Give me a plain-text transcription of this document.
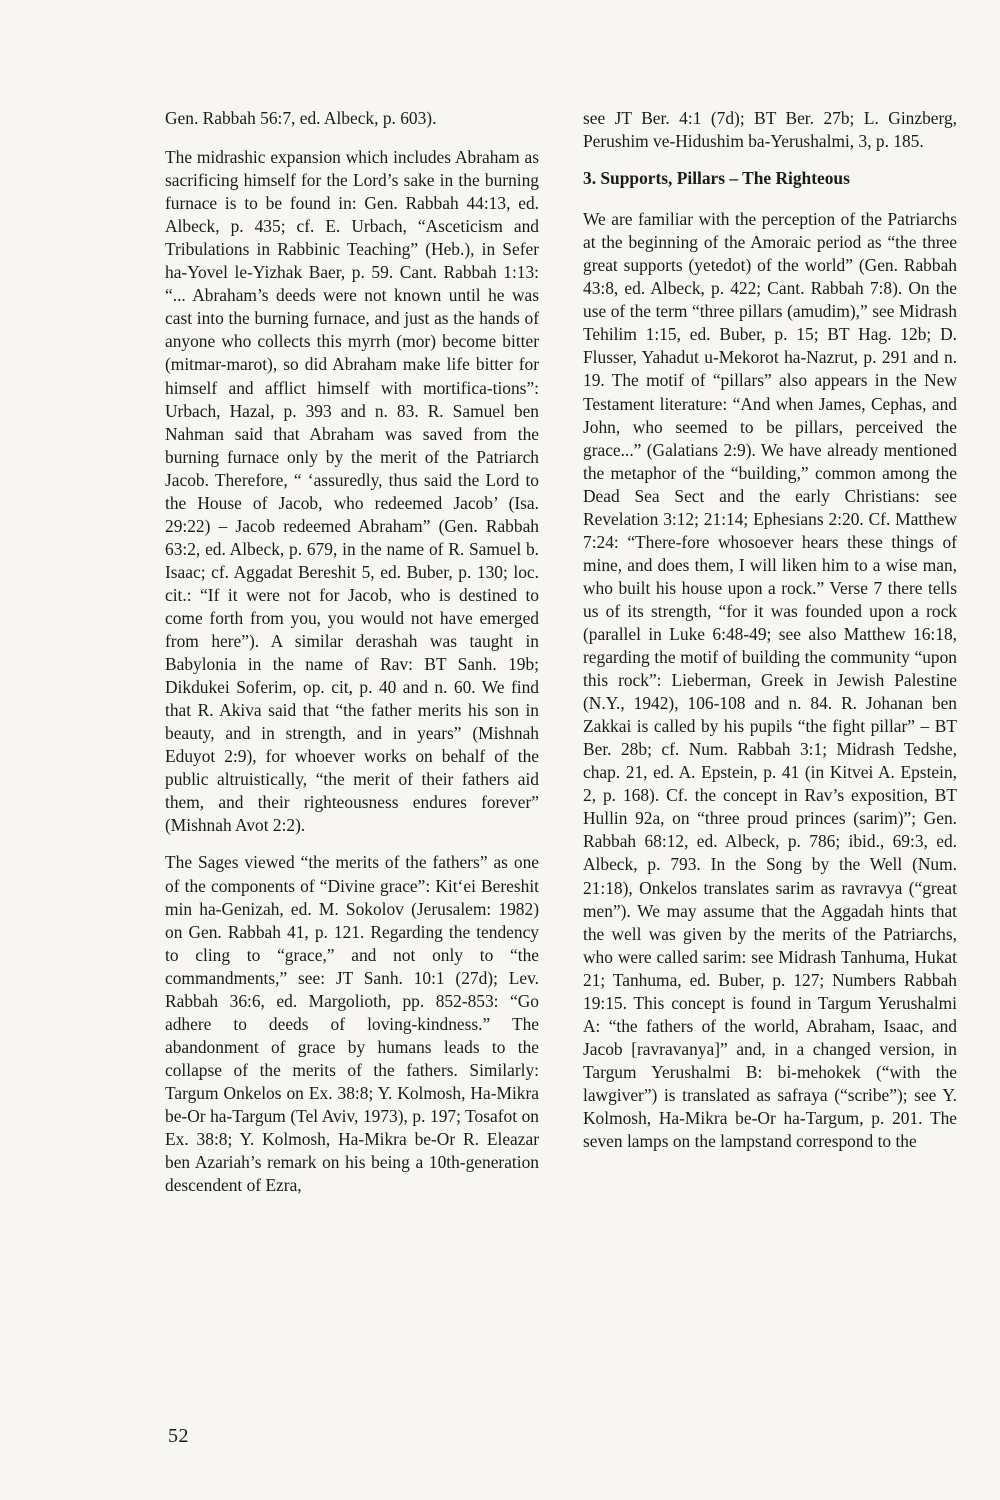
Gen. Rabbah 56:7, ed. Albeck, p. 603).

The midrashic expansion which includes Abraham as sacrificing himself for the Lord’s sake in the burning furnace is to be found in: Gen. Rabbah 44:13, ed. Albeck, p. 435; cf. E. Urbach, “Asceticism and Tribulations in Rabbinic Teaching” (Heb.), in Sefer ha-Yovel le-Yizhak Baer, p. 59. Cant. Rabbah 1:13: “... Abraham’s deeds were not known until he was cast into the burning furnace, and just as the hands of anyone who collects this myrrh (mor) become bitter (mitmar-marot), so did Abraham make life bitter for himself and afflict himself with mortifica-tions”: Urbach, Hazal, p. 393 and n. 83. R. Samuel ben Nahman said that Abraham was saved from the burning furnace only by the merit of the Patriarch Jacob. Therefore, “ ‘assuredly, thus said the Lord to the House of Jacob, who redeemed Jacob’ (Isa. 29:22) – Jacob redeemed Abraham” (Gen. Rabbah 63:2, ed. Albeck, p. 679, in the name of R. Samuel b. Isaac; cf. Aggadat Bereshit 5, ed. Buber, p. 130; loc. cit.: “If it were not for Jacob, who is destined to come forth from you, you would not have emerged from here”). A similar derashah was taught in Babylonia in the name of Rav: BT Sanh. 19b; Dikdukei Soferim, op. cit, p. 40 and n. 60. We find that R. Akiva said that “the father merits his son in beauty, and in strength, and in years” (Mishnah Eduyot 2:9), for whoever works on behalf of the public altruistically, “the merit of their fathers aid them, and their righteousness endures forever” (Mishnah Avot 2:2).

The Sages viewed “the merits of the fathers” as one of the components of “Divine grace”: Kit‘ei Bereshit min ha-Genizah, ed. M. Sokolov (Jerusalem: 1982) on Gen. Rabbah 41, p. 121. Regarding the tendency to cling to “grace,” and not only to “the commandments,” see: JT Sanh. 10:1 (27d); Lev. Rabbah 36:6, ed. Margolioth, pp. 852-853: “Go adhere to deeds of loving-kindness.” The abandonment of grace by humans leads to the collapse of the merits of the fathers. Similarly: Targum Onkelos on Ex. 38:8; Y. Kolmosh, Ha-Mikra be-Or ha-Targum (Tel Aviv, 1973), p. 197; Tosafot on Ex. 38:8; Y. Kolmosh, Ha-Mikra be-Or R. Eleazar ben Azariah’s remark on his being a 10th-generation descendent of Ezra,

see JT Ber. 4:1 (7d); BT Ber. 27b; L. Ginzberg, Perushim ve-Hidushim ba-Yerushalmi, 3, p. 185.

3. Supports, Pillars – The Righteous

We are familiar with the perception of the Patriarchs at the beginning of the Amoraic period as “the three great supports (yetedot) of the world” (Gen. Rabbah 43:8, ed. Albeck, p. 422; Cant. Rabbah 7:8). On the use of the term “three pillars (amudim),” see Midrash Tehilim 1:15, ed. Buber, p. 15; BT Hag. 12b; D. Flusser, Yahadut u-Mekorot ha-Nazrut, p. 291 and n. 19. The motif of “pillars” also appears in the New Testament literature: “And when James, Cephas, and John, who seemed to be pillars, perceived the grace...” (Galatians 2:9). We have already mentioned the metaphor of the “building,” common among the Dead Sea Sect and the early Christians: see Revelation 3:12; 21:14; Ephesians 2:20. Cf. Matthew 7:24: “There-fore whosoever hears these things of mine, and does them, I will liken him to a wise man, who built his house upon a rock.” Verse 7 there tells us of its strength, “for it was founded upon a rock (parallel in Luke 6:48-49; see also Matthew 16:18, regarding the motif of building the community “upon this rock”: Lieberman, Greek in Jewish Palestine (N.Y., 1942), 106-108 and n. 84. R. Johanan ben Zakkai is called by his pupils “the fight pillar” – BT Ber. 28b; cf. Num. Rabbah 3:1; Midrash Tedshe, chap. 21, ed. A. Epstein, p. 41 (in Kitvei A. Epstein, 2, p. 168). Cf. the concept in Rav’s exposition, BT Hullin 92a, on “three proud princes (sarim)”; Gen. Rabbah 68:12, ed. Albeck, p. 786; ibid., 69:3, ed. Albeck, p. 793. In the Song by the Well (Num. 21:18), Onkelos translates sarim as ravravya (“great men”). We may assume that the Aggadah hints that the well was given by the merits of the Patriarchs, who were called sarim: see Midrash Tanhuma, Hukat 21; Tanhuma, ed. Buber, p. 127; Numbers Rabbah 19:15. This concept is found in Targum Yerushalmi A: “the fathers of the world, Abraham, Isaac, and Jacob [ravravanya]” and, in a changed version, in Targum Yerushalmi B: bi-mehokek (“with the lawgiver”) is translated as safraya (“scribe”); see Y. Kolmosh, Ha-Mikra be-Or ha-Targum, p. 201. The seven lamps on the lampstand correspond to the

52
